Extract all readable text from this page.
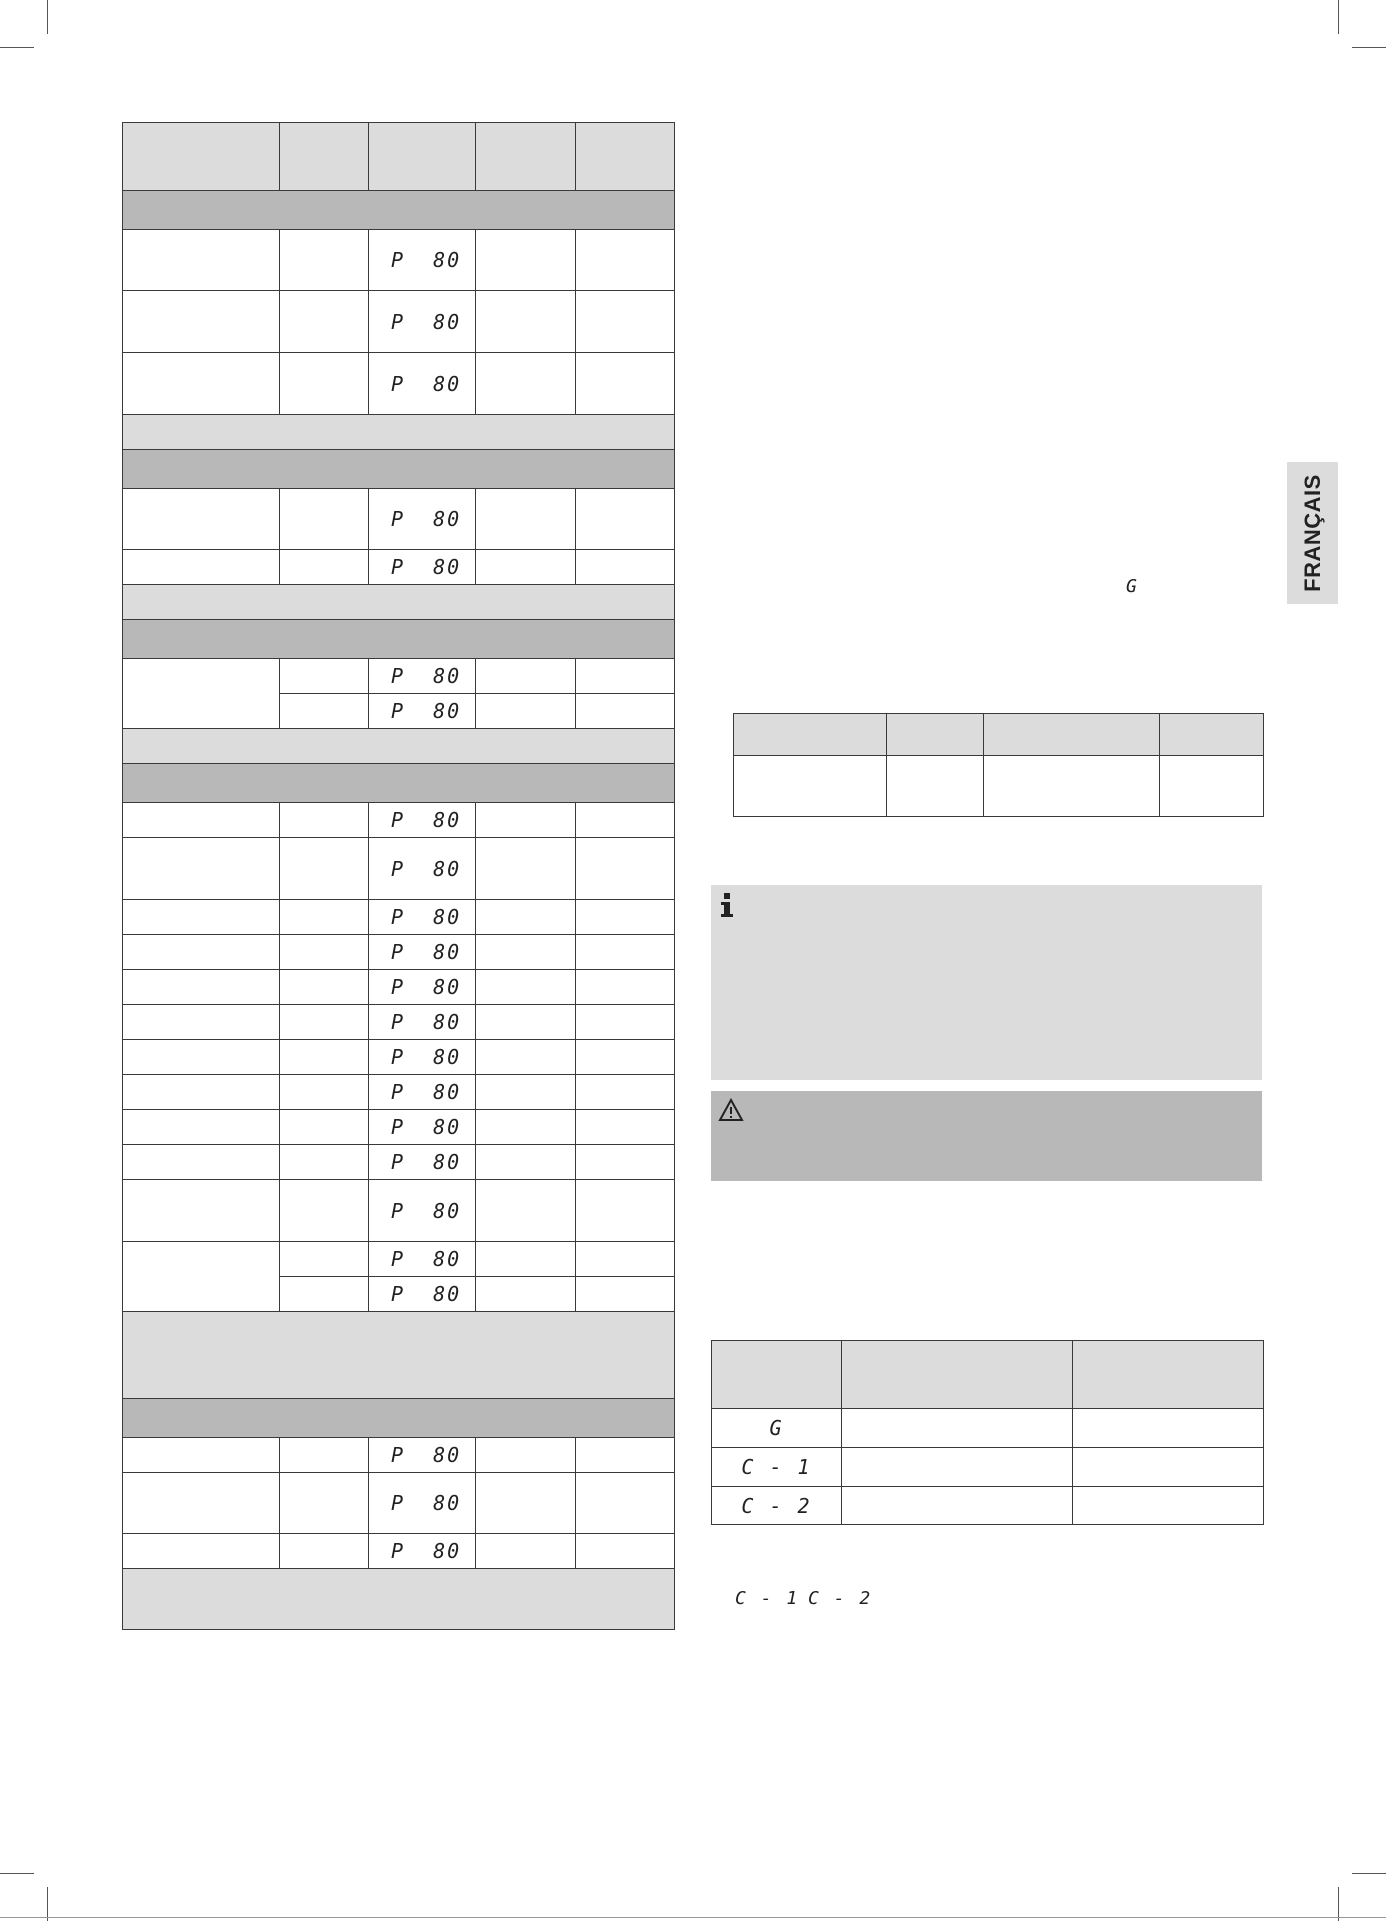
		P  80		
		P  80		
		P  80		

		P  80		
		P  80		

		P  80		
		P  80		

		P  80		
		P  80		
		P  80		
		P  80		
		P  80		
		P  80		
		P  80		
		P  80		
		P  80		
		P  80		
		P  80		
		P  80		
		P  80		

		P  80		
		P  80		
		P  80		

FRANÇAIS
G

G		
C - 1		
C - 2		
C - 1 C - 2
